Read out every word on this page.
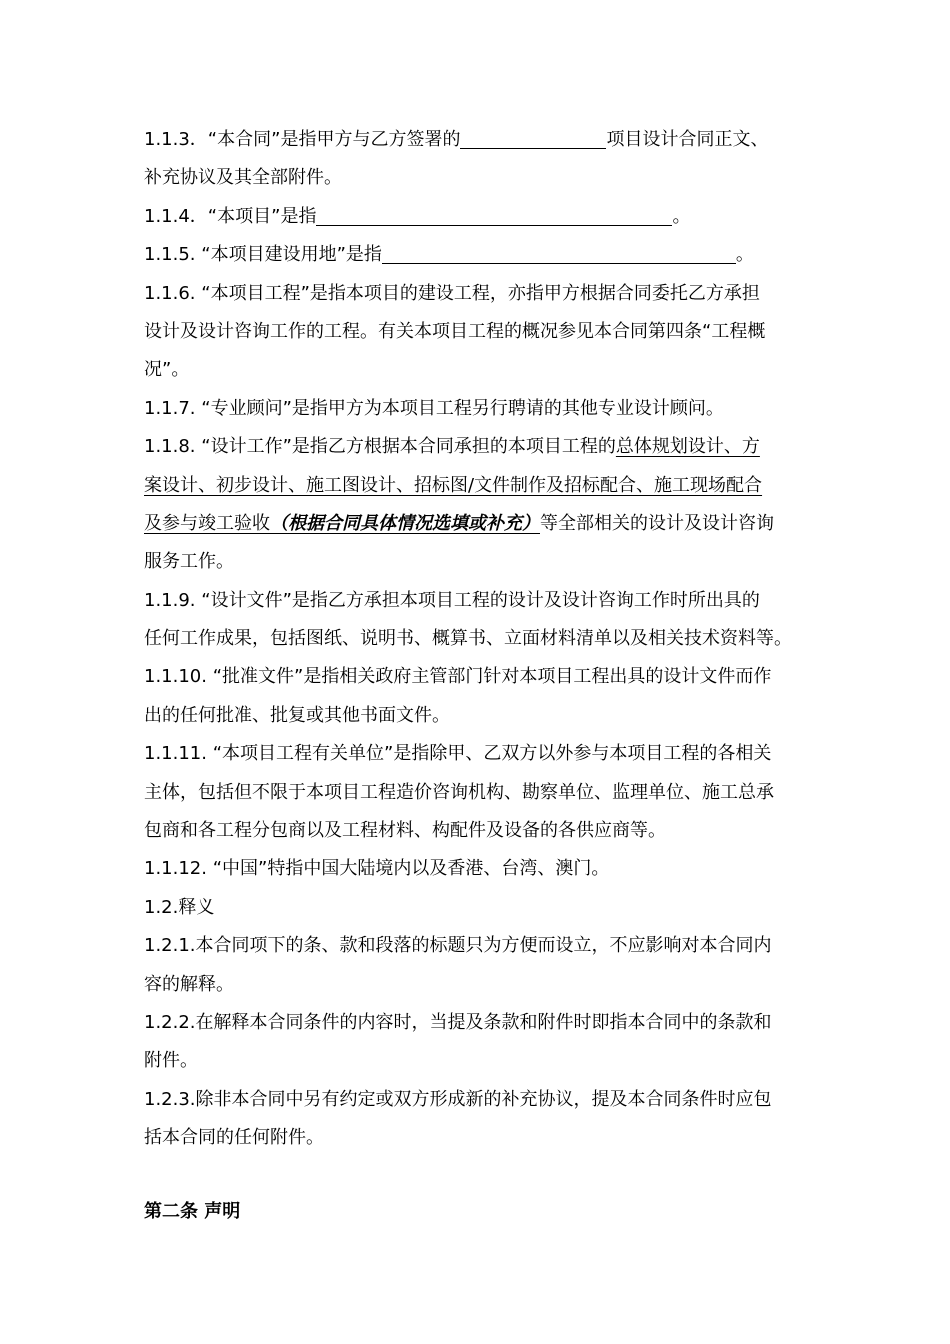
1.1.3．“本合同”是指甲方与乙方签署的	项目设计合同正文、
补充协议及其全部附件。
1.1.4．“本项目”是指	。
1.1.5. “本项目建设用地”是指	。
1.1.6. “本项目工程”是指本项目的建设工程，亦指甲方根据合同委托乙方承担
设计及设计咨询工作的工程。有关本项目工程的概况参见本合同第四条“工程概
况”。
1.1.7. “专业顾问”是指甲方为本项目工程另行聘请的其他专业设计顾问。
1.1.8. “设计工作”是指乙方根据本合同承担的本项目工程的总体规划设计、方
案设计、初步设计、施工图设计、招标图/文件制作及招标配合、施工现场配合
及参与竣工验收（根据合同具体情况选填或补充）等全部相关的设计及设计咨询
服务工作。
1.1.9. “设计文件”是指乙方承担本项目工程的设计及设计咨询工作时所出具的
任何工作成果，包括图纸、说明书、概算书、立面材料清单以及相关技术资料等。
1.1.10. “批准文件”是指相关政府主管部门针对本项目工程出具的设计文件而作
出的任何批准、批复或其他书面文件。
1.1.11. “本项目工程有关单位”是指除甲、乙双方以外参与本项目工程的各相关
主体，包括但不限于本项目工程造价咨询机构、勘察单位、监理单位、施工总承
包商和各工程分包商以及工程材料、构配件及设备的各供应商等。
1.1.12. “中国”特指中国大陆境内以及香港、台湾、澳门。
1.2.释义
1.2.1.本合同项下的条、款和段落的标题只为方便而设立，不应影响对本合同内
容的解释。
1.2.2.在解释本合同条件的内容时，当提及条款和附件时即指本合同中的条款和
附件。
1.2.3.除非本合同中另有约定或双方形成新的补充协议，提及本合同条件时应包
括本合同的任何附件。
第二条 声明
